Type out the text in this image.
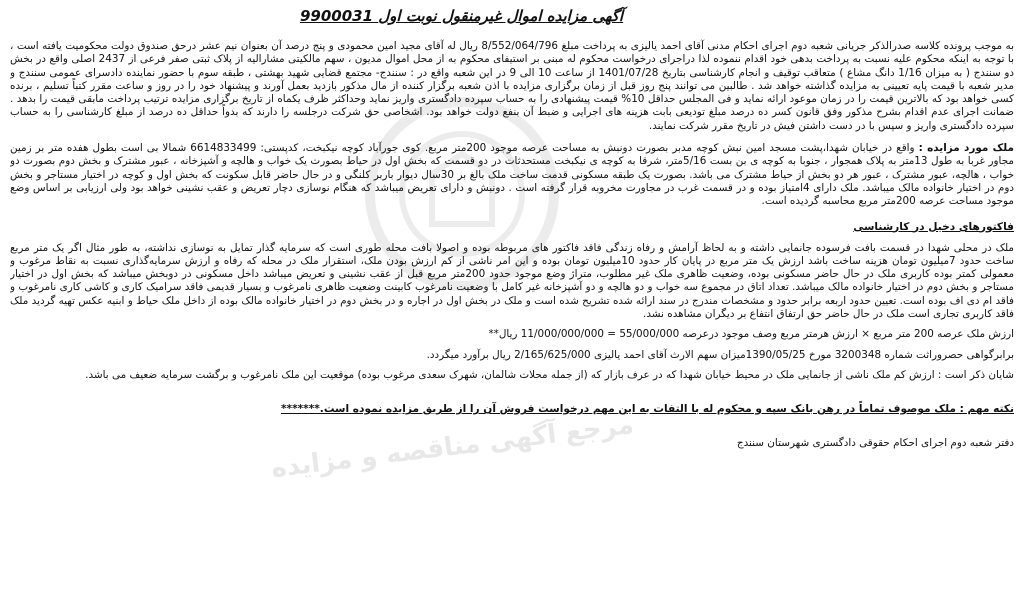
مرجع آگهی مناقصه و مزایده
9900031 آگهی مزایده اموال غیرمنقول نوبت اول

به موجب پرونده کلاسه صدرالذکر جریانی شعبه دوم اجرای احکام مدنی آقای احمد یالیزی به پرداخت مبلغ 8/552/064/796 ریال له آقای مجید امین محمودی و پنج درصد آن بعنوان نیم عشر درحق صندوق دولت محکومیت یافته است ، با توجه به اینکه محکوم علیه نسبت به پرداخت بدهی خود اقدام ننموده لذا دراجرای درخواست محکوم له مبنی بر استیفای محکوم به از محل اموال مدیون ، سهم مالکیتی مشاراليه از پلاک ثبتی صفر فرعی از 2437 اصلی واقع در بخش دو سنندج ( به میزان 1/16 دانگ مشاع ) متعاقب توقیف و انجام کارشناسی بتاریخ 1401/07/28 از ساعت 10 الی 9 در این شعبه واقع در : سنندج- مجتمع قضایی شهید بهشتی ، طبقه سوم با حضور نماینده دادسرای عمومی سنندج و مدیر شعبه با قیمت پایه تعیینی به مزایده گذاشته خواهد شد . طالبین می توانند پنج روز قبل از زمان برگزاری مزایده با اذن شعبه برگزار کننده از مال مذکور بازدید بعمل آورند و پیشنهاد خود را در روز و ساعت مقرر کتباً تسلیم ، برنده کسی خواهد بود که بالاترین قیمت را در زمان موعود ارائه نماید و فی المجلس حداقل 10% قیمت پیشنهادی را به حساب سپرده دادگستری واریز نماید وحداکثر ظرف یکماه از تاریخ برگزاری مزایده ترتیب پرداخت مابقی قیمت را بدهد . ضمانت اجرای عدم اقدام بشرح مذکور وفق قانون کسر ده درصد مبلغ تودیعی بابت هزینه های اجرایی و ضبط آن بنفع دولت خواهد بود. اشخاصی حق شرکت درجلسه را دارند که بدواً حداقل ده درصد از مبلغ کارشناسی را به حساب سپرده دادگستری واریز و سپس با در دست داشتن فیش در تاریخ مقرر شرکت نمایند.

ملک مورد مزایده : واقع در خیابان شهدا،پشت مسجد امین نبش کوچه مدبر بصورت دونبش به مساحت عرصه موجود 200متر مربع. کوی جورآباد کوچه نیکبخت، کدپستی: 6614833499 شمالا بی است بطول هفده متر بر زمین مجاور غربا به طول 13متر به پلاک همجوار ، جنوبا به کوچه ی بن بست 5/16متر، شرقا به کوچه ی نیکبخت مستحدثات در دو قسمت که بخش اول در حیاط بصورت یک خواب و هالچه و آشپزخانه ، عبور مشترک و بخش دوم بصورت دو خواب ، هالچه، عبور مشترک ، عبور هر دو بخش از حیاط مشترک می باشد. بصورت یک طبقه مسکونی قدمت ساخت ملک بالغ بر 30سال دیوار باربر کلنگی و در حال حاضر قابل سکونت که بخش اول و کوچه در اختیار مستاجر و بخش دوم در اختیار خانواده مالک میباشد. ملک دارای 4امتیاز بوده و در قسمت غرب در مجاورت مخروبه قرار گرفته است . دونبش و دارای تعریض میباشد که هنگام نوسازی دچار تعریض و عقب نشینی خواهد بود ولی ارزیابی بر اساس وضع موجود مساحت عرصه 200متر مربع محاسبه گردیده است.

فاکتورهای دخیل در کارشناسی

ملک در محلی شهدا در قسمت بافت فرسوده جانمایی داشته و به لحاظ آرامش و رفاه زندگی فاقد فاکتور های مربوطه بوده و اصولا بافت محله طوری است که سرمایه گذار تمایل به نوسازی نداشته، به طور مثال اگر یک متر مربع ساخت حدود 7میلیون تومان هزینه ساخت باشد ارزش یک متر مربع در پایان کار حدود 10میلیون تومان بوده و این امر ناشی از کم ارزش بودن ملک، استقرار ملک در محله که رفاه و ارزش سرمایه‌گذاری نسبت به نقاط مرغوب و معمولی کمتر بوده کاربری ملک در حال حاضر مسکونی بوده، وضعیت ظاهری ملک غیر مطلوب، متراژ وضع موجود حدود 200متر مربع قبل از عقب نشینی و تعریض میباشد داخل مسکونی در دوبخش میباشد که بخش اول در اختیار مستاجر و بخش دوم در اختیار خانواده مالک میباشد. تعداد اتاق در مجموع سه خواب و دو هالچه و دو آشپزخانه غیر کامل با وضعیت نامرغوب کابینت وضعیت ظاهری نامرغوب و بسیار قدیمی فاقد سرامیک کاری و کاشی کاری نامرغوب و فاقد ام دی اف بوده است. تعیین حدود اربعه برابر حدود و مشخصات مندرج در سند ارائه شده تشریح شده است و ملک در بخش اول در اجاره و در بخش دوم در اختیار خانواده مالک بوده از داخل ملک حیاط و ابنیه عکس تهیه گردید ملک فاقد کاربری تجاری است ملک در حال حاضر حق ارتفاق انتفاع بر دیگران مشاهده نشد.

ارزش ملک عرصه 200 متر مربع × ارزش هرمتر مربع وصف موجود درعرصه 55/000/000 = 11/000/000/000 ریال**

برابرگواهی حصروراثت شماره 3200348 مورخ 1390/05/25میزان سهم الارث آقای احمد یالیزی 2/165/625/000 ریال برآورد میگردد.

شایان ذکر است : ارزش کم ملک ناشی از جانمایی ملک در محیط خیابان شهدا که در عرف بازار که (از جمله محلات شالمان، شهرک سعدی مرغوب بوده) موقعیت این ملک نامرغوب و برگشت سرمایه ضعیف می باشد.

نکته مهم : ملک موصوف تماماً در رهن بانک سپه و محکوم له با التفات به این مهم درخواست فروش آن را از طریق مزایده نموده است.*******
دفتر شعبه دوم اجرای احکام حقوقی دادگستری شهرستان سنندج
